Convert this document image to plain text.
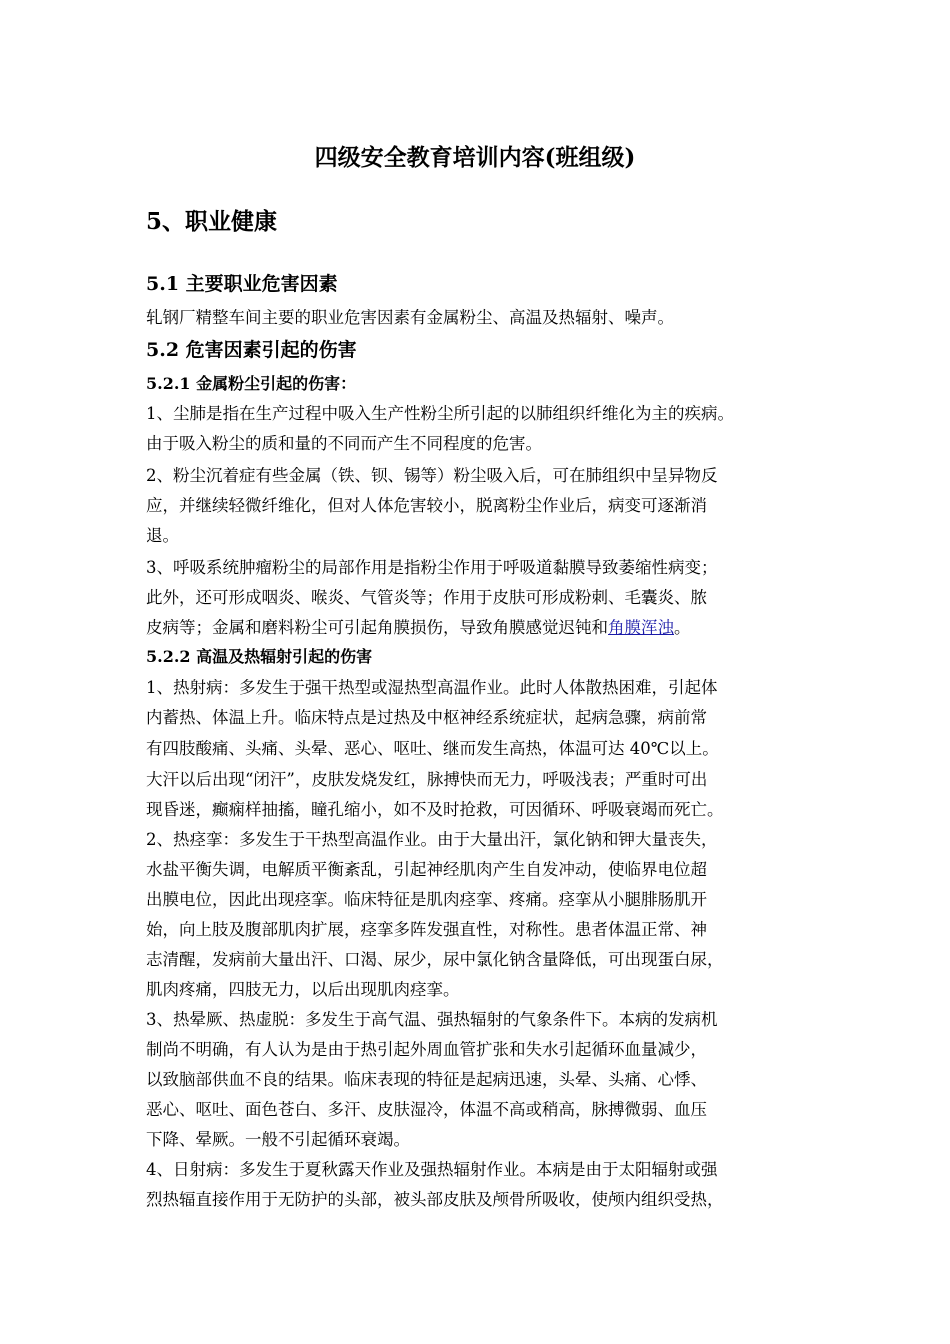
四级安全教育培训内容(班组级)
5、职业健康
5.1 主要职业危害因素
轧钢厂精整车间主要的职业危害因素有金属粉尘、高温及热辐射、噪声。
5.2 危害因素引起的伤害
5.2.1 金属粉尘引起的伤害：
1、尘肺是指在生产过程中吸入生产性粉尘所引起的以肺组织纤维化为主的疾病。
由于吸入粉尘的质和量的不同而产生不同程度的危害。
2、粉尘沉着症有些金属（铁、钡、锡等）粉尘吸入后，可在肺组织中呈异物反
应，并继续轻微纤维化，但对人体危害较小，脱离粉尘作业后，病变可逐渐消
退。
3、呼吸系统肿瘤粉尘的局部作用是指粉尘作用于呼吸道黏膜导致萎缩性病变；
此外，还可形成咽炎、喉炎、气管炎等；作用于皮肤可形成粉刺、毛囊炎、脓
皮病等；金属和磨料粉尘可引起角膜损伤，导致角膜感觉迟钝和角膜浑浊。
5.2.2 高温及热辐射引起的伤害
1、热射病：多发生于强干热型或湿热型高温作业。此时人体散热困难，引起体
内蓄热、体温上升。临床特点是过热及中枢神经系统症状，起病急骤，病前常
有四肢酸痛、头痛、头晕、恶心、呕吐、继而发生高热，体温可达 40℃以上。
大汗以后出现“闭汗”，皮肤发烧发红，脉搏快而无力，呼吸浅表；严重时可出
现昏迷，癫痫样抽搐，瞳孔缩小，如不及时抢救，可因循环、呼吸衰竭而死亡。
2、热痉挛：多发生于干热型高温作业。由于大量出汗，氯化钠和钾大量丧失，
水盐平衡失调，电解质平衡紊乱，引起神经肌肉产生自发冲动，使临界电位超
出膜电位，因此出现痉挛。临床特征是肌肉痉挛、疼痛。痉挛从小腿腓肠肌开
始，向上肢及腹部肌肉扩展，痉挛多阵发强直性，对称性。患者体温正常、神
志清醒，发病前大量出汗、口渴、尿少，尿中氯化钠含量降低，可出现蛋白尿，
肌肉疼痛，四肢无力，以后出现肌肉痉挛。
3、热晕厥、热虚脱：多发生于高气温、强热辐射的气象条件下。本病的发病机
制尚不明确，有人认为是由于热引起外周血管扩张和失水引起循环血量减少，
以致脑部供血不良的结果。临床表现的特征是起病迅速，头晕、头痛、心悸、
恶心、呕吐、面色苍白、多汗、皮肤湿冷，体温不高或稍高，脉搏微弱、血压
下降、晕厥。一般不引起循环衰竭。
4、日射病：多发生于夏秋露天作业及强热辐射作业。本病是由于太阳辐射或强
烈热辐直接作用于无防护的头部，被头部皮肤及颅骨所吸收，使颅内组织受热，
